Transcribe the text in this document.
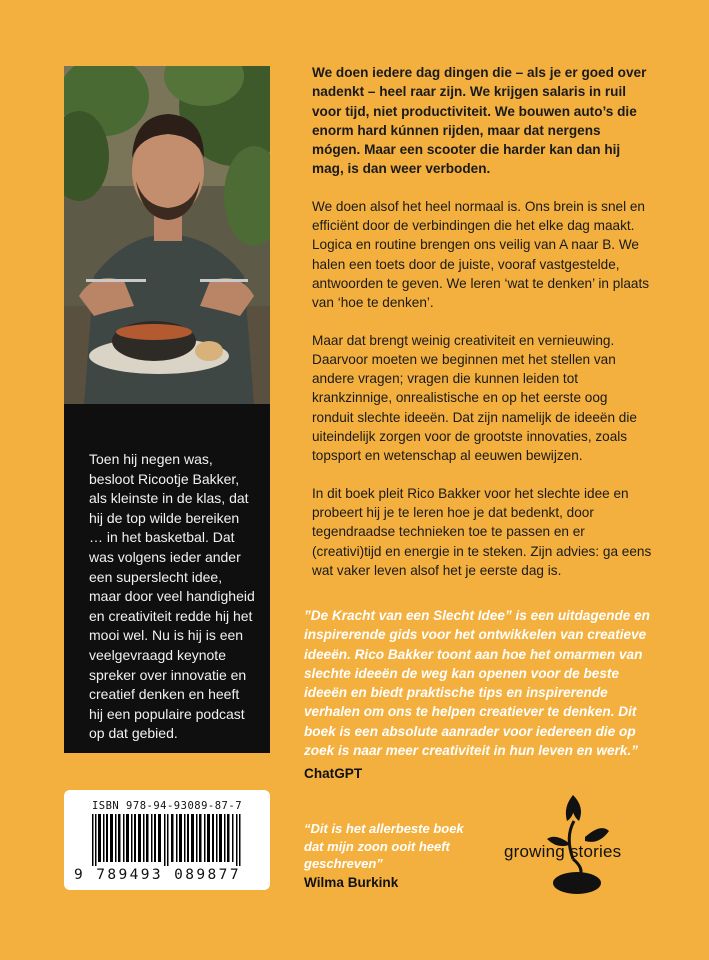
Toen hij negen was, besloot Ricootje Bakker, als kleinste in de klas, dat hij de top wilde bereiken … in het basketbal. Dat was volgens ieder ander een superslecht idee, maar door veel handigheid en creativiteit redde hij het mooi wel. Nu is hij is een veelgevraagd keynote spreker over innovatie en creatief denken en heeft hij een populaire podcast op dat gebied.

ISBN 978-94-93089-87-7
9 789493 089877

We doen iedere dag dingen die – als je er goed over nadenkt – heel raar zijn. We krijgen salaris in ruil voor tijd, niet productiviteit. We bouwen auto’s die enorm hard kúnnen rijden, maar dat nergens mógen. Maar een scooter die harder kan dan hij mag, is dan weer verboden.

We doen alsof het heel normaal is. Ons brein is snel en efficiënt door de verbindingen die het elke dag maakt. Logica en routine brengen ons veilig van A naar B. We halen een toets door de juiste, vooraf vastgestelde, antwoorden te geven. We leren ‘wat te denken’ in plaats van ‘hoe te denken’.

Maar dat brengt weinig creativiteit en vernieuwing. Daarvoor moeten we beginnen met het stellen van andere vragen; vragen die kunnen leiden tot krankzinnige, onrealistische en op het eerste oog ronduit slechte ideeën. Dat zijn namelijk de ideeën die uiteindelijk zorgen voor de grootste innovaties, zoals topsport en wetenschap al eeuwen bewijzen.

In dit boek pleit Rico Bakker voor het slechte idee en probeert hij je te leren hoe je dat bedenkt, door tegendraadse technieken toe te passen en er (creativi)tijd en energie in te steken. Zijn advies: ga eens wat vaker leven alsof het je eerste dag is.

”De Kracht van een Slecht Idee” is een uitdagende en inspirerende gids voor het ontwikkelen van creatieve ideeën. Rico Bakker toont aan hoe het omarmen van slechte ideeën de weg kan openen voor de beste ideeën en biedt praktische tips en inspirerende verhalen om ons te helpen creatiever te denken. Dit boek is een absolute aanrader voor iedereen die op zoek is naar meer creativiteit in hun leven en werk.”

ChatGPT

“Dit is het allerbeste boek dat mijn zoon ooit heeft geschreven”

Wilma Burkink
growing stories
